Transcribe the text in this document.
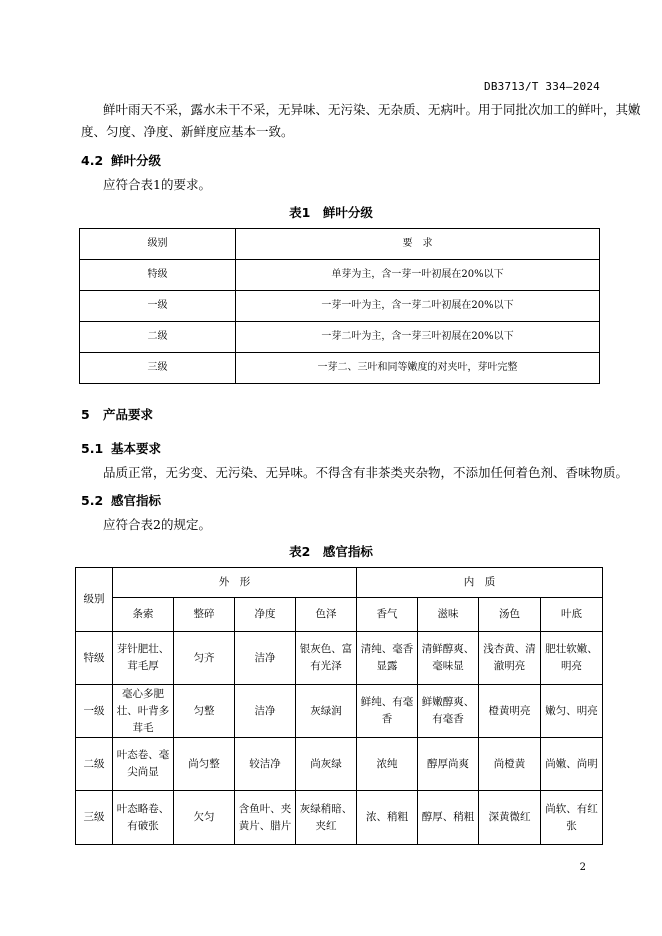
DB3713/T 334—2024
鲜叶雨天不采，露水未干不采，无异味、无污染、无杂质、无病叶。用于同批次加工的鲜叶，其嫩
度、匀度、净度、新鲜度应基本一致。
4.2 鲜叶分级
应符合表1的要求。
表1　鲜叶分级
级别	要　求
特级	单芽为主，含一芽一叶初展在20%以下
一级	一芽一叶为主，含一芽二叶初展在20%以下
二级	一芽二叶为主，含一芽三叶初展在20%以下
三级	一芽二、三叶和同等嫩度的对夹叶，芽叶完整
5 产品要求
5.1 基本要求
品质正常，无劣变、无污染、无异味。不得含有非茶类夹杂物，不添加任何着色剂、香味物质。
5.2 感官指标
应符合表2的规定。
表2　感官指标
级别	外　形				内　质			
	条索	整碎	净度	色泽	香气	滋味	汤色	叶底
特级	芽针肥壮、茸毛厚	匀齐	洁净	银灰色、富有光泽	清纯、毫香显露	清鲜醇爽、毫味显	浅杏黄、清澈明亮	肥壮软嫩、明亮
一级	毫心多肥壮、叶背多茸毛	匀整	洁净	灰绿润	鲜纯、有毫香	鲜嫩醇爽、有毫香	橙黄明亮	嫩匀、明亮
二级	叶态卷、毫尖尚显	尚匀整	较洁净	尚灰绿	浓纯	醇厚尚爽	尚橙黄	尚嫩、尚明
三级	叶态略卷、有破张	欠匀	含鱼叶、夹黄片、腊片	灰绿稍暗、夹红	浓、稍粗	醇厚、稍粗	深黄微红	尚软、有红张
2
